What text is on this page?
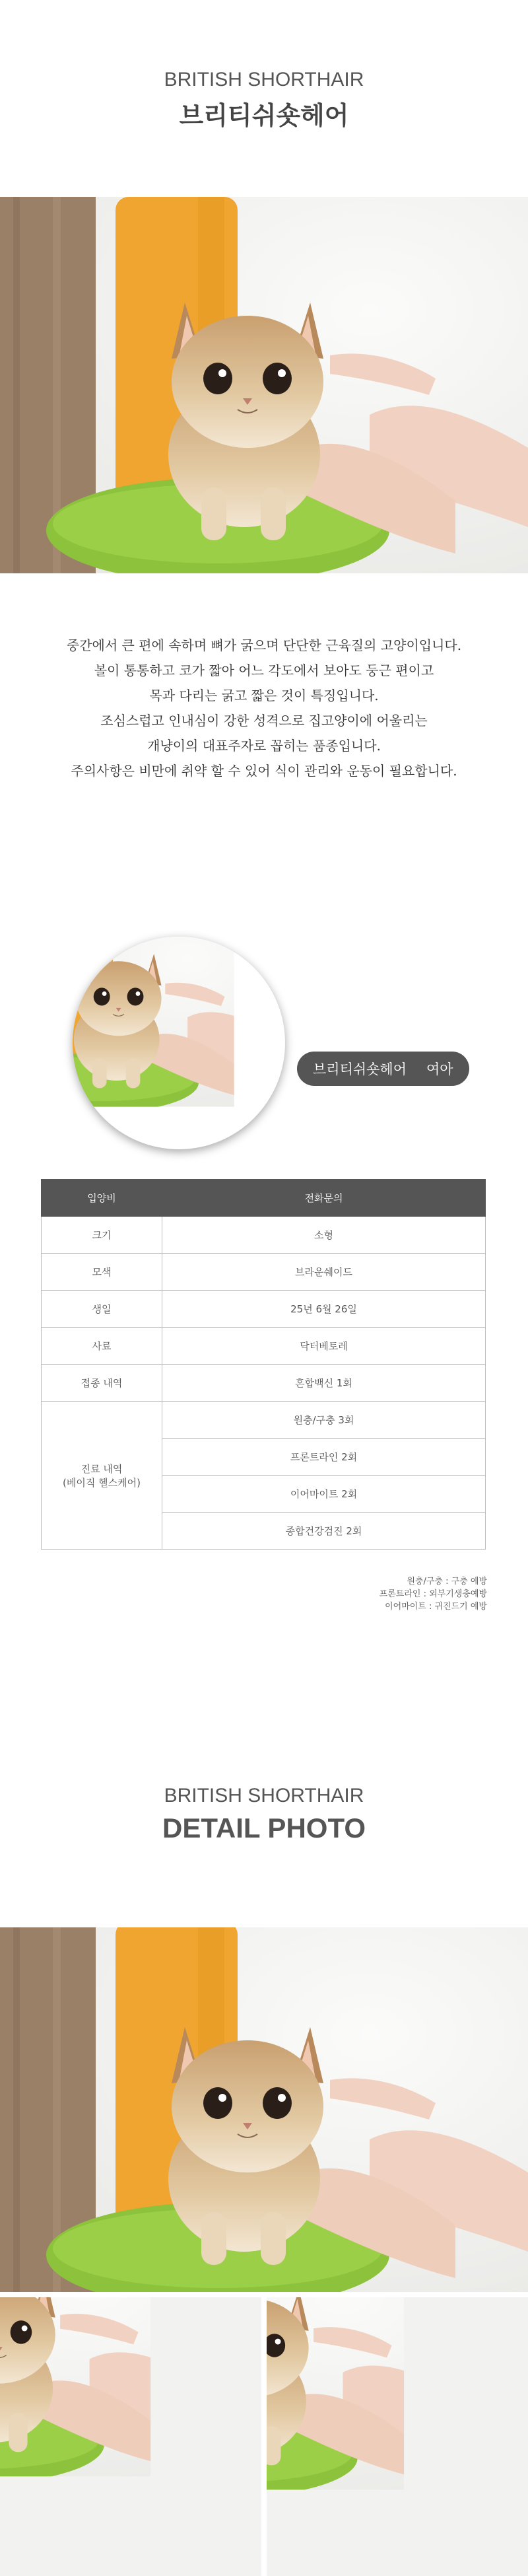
BRITISH SHORTHAIR
브리티쉬숏헤어

중간에서 큰 편에 속하며 뼈가 굵으며 단단한 근육질의 고양이입니다.

볼이 통통하고 코가 짧아 어느 각도에서 보아도 둥근 편이고

목과 다리는 굵고 짧은 것이 특징입니다.

조심스럽고 인내심이 강한 성격으로 집고양이에 어울리는

개냥이의 대표주자로 꼽히는 품종입니다.

주의사항은 비만에 취약 할 수 있어 식이 관리와 운동이 필요합니다.

브리티쉬숏헤어 여아
입양비	전화문의
크기	소형
모색	브라운쉐이드
생일	25년 6월 26일
사료	닥터베토레
접종 내역	혼합백신 1회

진료 내역
(베이직 헬스케어)	원충/구충 3회
	프론트라인 2회
	이어마이트 2회
	종합건강검진 2회
원충/구충 : 구충 예방
프론트라인 : 외부기생충예방
이어마이트 : 귀진드기 예방
BRITISH SHORTHAIR
DETAIL PHOTO
